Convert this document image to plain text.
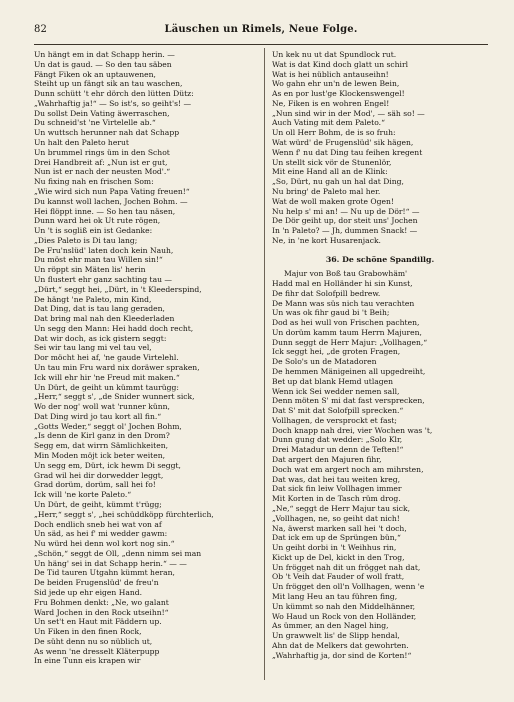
82	Läuschen un Rimels, Neue Folge.
Un hängt em in dat Schapp herin. —
Un dat is gaud. — So den tau säben
Fängt Fiken ok an uptauwenen,
Steiht up un fängt sik an tau waschen,
Dunn schütt 't ehr dörch den lütten Dütz:
„Wahrhaftig ja!“ — So ist's, so geiht's! —
Du sollst Dein Vating äwerraschen,
Du schneid'st 'ne Virtelelle ab.“
Un wuttsch herunner nah dat Schapp
Un halt den Paleto herut
Un brummel rings üm in den Schot
Drei Handbreit af: „Nun ist er gut,
Nun ist er nach der neusten Mod'.“
Nu fixing nah en frischen Som:
„Wie wird sich nun Papa Vating freuen!“
Du kannst woll lachen, Jochen Bohm. —
Hei flöppt inne. — So hen tau näsen,
Dunn ward hei ok Ut rute rögen,
Un 't is sogliß ein ist Gedanke:
„Dies Paleto is Di tau lang;
De Fru'nslüd' laten doch kein Nauh,
Du möst ehr man tau Willen sin!“
Un röppt sin Mäten lis' herin
Un flustert ehr ganz sachting tau —
„Dürt,“ seggt hei, „Dürt, in 't Kleederspind,
De hängt 'ne Paleto, min Kind,
Dat Ding, dat is tau lang geraden,
Dat bring mal nah den Kleederladen
Un segg den Mann: Hei hadd doch recht,
Dat wir doch, as ick gistern seggt:
Sei wir tau lang mi vel tau vel,
Dor möcht hei af, 'ne gaude Virtelehl.
Un tau min Fru ward nix doräwer spraken,
Ick will ehr hir 'ne Freud mit maken.“
Un Dürt, de geiht un kümmt taurügg:
„Herr,“ seggt s', „de Snider wunnert sick,
Wo der nog' woll wat 'runner künn,
Dat Ding wird jo tau kort all fin.“
„Gotts Weder,“ seggt ol' Jochen Bohm,
„Is denn de Kirl ganz in den Drom?
Segg em, dat wirrn Sämlichkeiten,
Min Moden möjt ick beter weiten,
Un segg em, Dürt, ick hewm Di seggt,
Grad wil hei dir dorwedder leggt,
Grad dorüm, dorüm, sall hei fo!
Ick will 'ne korte Paleto.“
Un Dürt, de geiht, kümmt t'rügg;
„Herr,“ seggt s', „hei schüddköpp fürchterlich,
Doch endlich sneb hei wat von af
Un säd, as hei f' mi wedder gawm:
Nu würd hei denn wol kort nog sin.“
„Schön,“ seggt de Oll, „denn nimm sei man
Un häng' sei in dat Schapp herin.“ — —
De Tid tauren Utgahn kümmt heran,
De beiden Frugenslüd' de freu'n
Sid jede up ehr eigen Hand.
Fru Bohmen denkt: „Ne, wo galant
Ward Jochen in den Rock utseihn!“
Un set't en Haut mit Fäddern up.
Un Fiken in den finen Rock,
De süht denn nu so nüblich ut,
As wenn 'ne dresselt Kläterpupp
In eine Tunn eis krapen wir
Un kek nu ut dat Spundlock rut.
Wat is dat Kind doch glatt un schirl
Wat is hei nüblich antauseihn!
Wo gahn ehr un'n de lewen Bein,
As en por lust'ge Klockenswengel!
Ne, Fiken is en wohren Engel!
„Nun sind wir in der Mod', — säh so! —
Auch Vating mit dem Paleto.“
Un oll Herr Bohm, de is so fruh:
Wat würd' de Frugenslüd' sik hägen,
Wenn f' nu dat Ding tau feihen kregent
Un stellt sick vör de Stunenlör,
Mit eine Hand all an de Klink:
„So, Dürt, nu gah un hal dat Ding,
Nu bring' de Paleto mal her.
Wat de woll maken grote Ogen!
Nu help s' mi an! — Nu up de Dör!“ —
De Dör geiht up, dor steit uns' Jochen
In 'n Paleto? — Jh, dummen Snack! —
Ne, in 'ne kort Husarenjack.
36. De schöne Spandillg.
Majur von Boß tau Grabowhäm'
Hadd mal en Holländer hi sin Kunst,
De fihr dat Solofpill bedrew.
De Mann was süs nich tau verachten
Un was ok fihr gaud bi 't Beih;
Dod as hei wull von Frischen pachten,
Un dorüm kamm taum Herrn Majuren,
Dunn seggt de Herr Majur: „Vollhagen,“
Ick seggt hei, „de groten Fragen,
De Solo's un de Matadoren
De hemmen Mänigeinen all upgedreiht,
Bet up dat blank Hemd utlagen
Wenn ick Sei wedder nemen sall,
Denn möten S' mi dat fast versprecken,
Dat S' mit dat Solofpill sprecken.“
Vollhagen, de versprockt et fast;
Doch knapp nah drei, vier Wochen was 't,
Dunn gung dat wedder: „Solo Klr,
Drei Matadur un denn de Teften!“
Dat argert den Majuren fihr,
Doch wat em argert noch am mihrsten,
Dat was, dat hei tau weiten kreg,
Dat sick fin leiw Vollhagen immer
Mit Korten in de Tasch rüm drog.
„Ne,“ seggt de Herr Majur tau sick,
„Vollhagen, ne, so geiht dat nich!
Na, äwerst marken sall hei 't doch,
Dat ick em up de Sprüngen bün,“
Un geiht dorbi in 't Weihhus rin,
Kickt up de Del, kickt in den Trog,
Un frögget nah dit un frögget nah dat,
Ob 't Veih dat Fauder of woll fratt,
Un frögget den oll'n Vollhagen, wenn 'e
Mit lang Heu an tau führen fing,
Un kümmt so nah den Middelhänner,
Wo Haud un Rock von den Holländer,
As ümmer, an den Nagel hing,
Un grawwelt lis' de Slipp hendal,
Ahn dat de Melkers dat gewohrten.
„Wahrhaftig ja, dor sind de Korten!“
